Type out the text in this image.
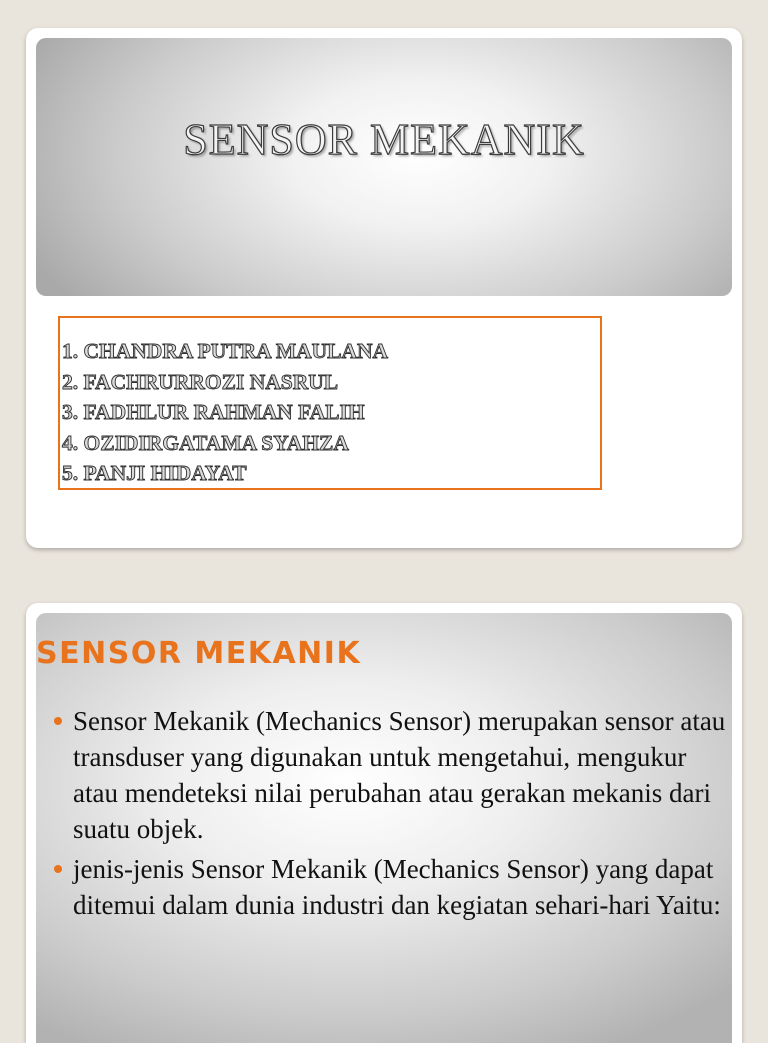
SENSOR MEKANIK
1. CHANDRA PUTRA MAULANA
2. FACHRURROZI NASRUL
3. FADHLUR RAHMAN FALIH
4. OZIDIRGATAMA SYAHZA
5. PANJI HIDAYAT
SENSOR MEKANIK
Sensor Mekanik (Mechanics Sensor) merupakan sensor atau transduser yang digunakan untuk mengetahui, mengukur atau mendeteksi nilai perubahan atau gerakan mekanis dari suatu objek.
jenis-jenis Sensor Mekanik (Mechanics Sensor) yang dapat ditemui dalam dunia industri dan kegiatan sehari-hari Yaitu:
